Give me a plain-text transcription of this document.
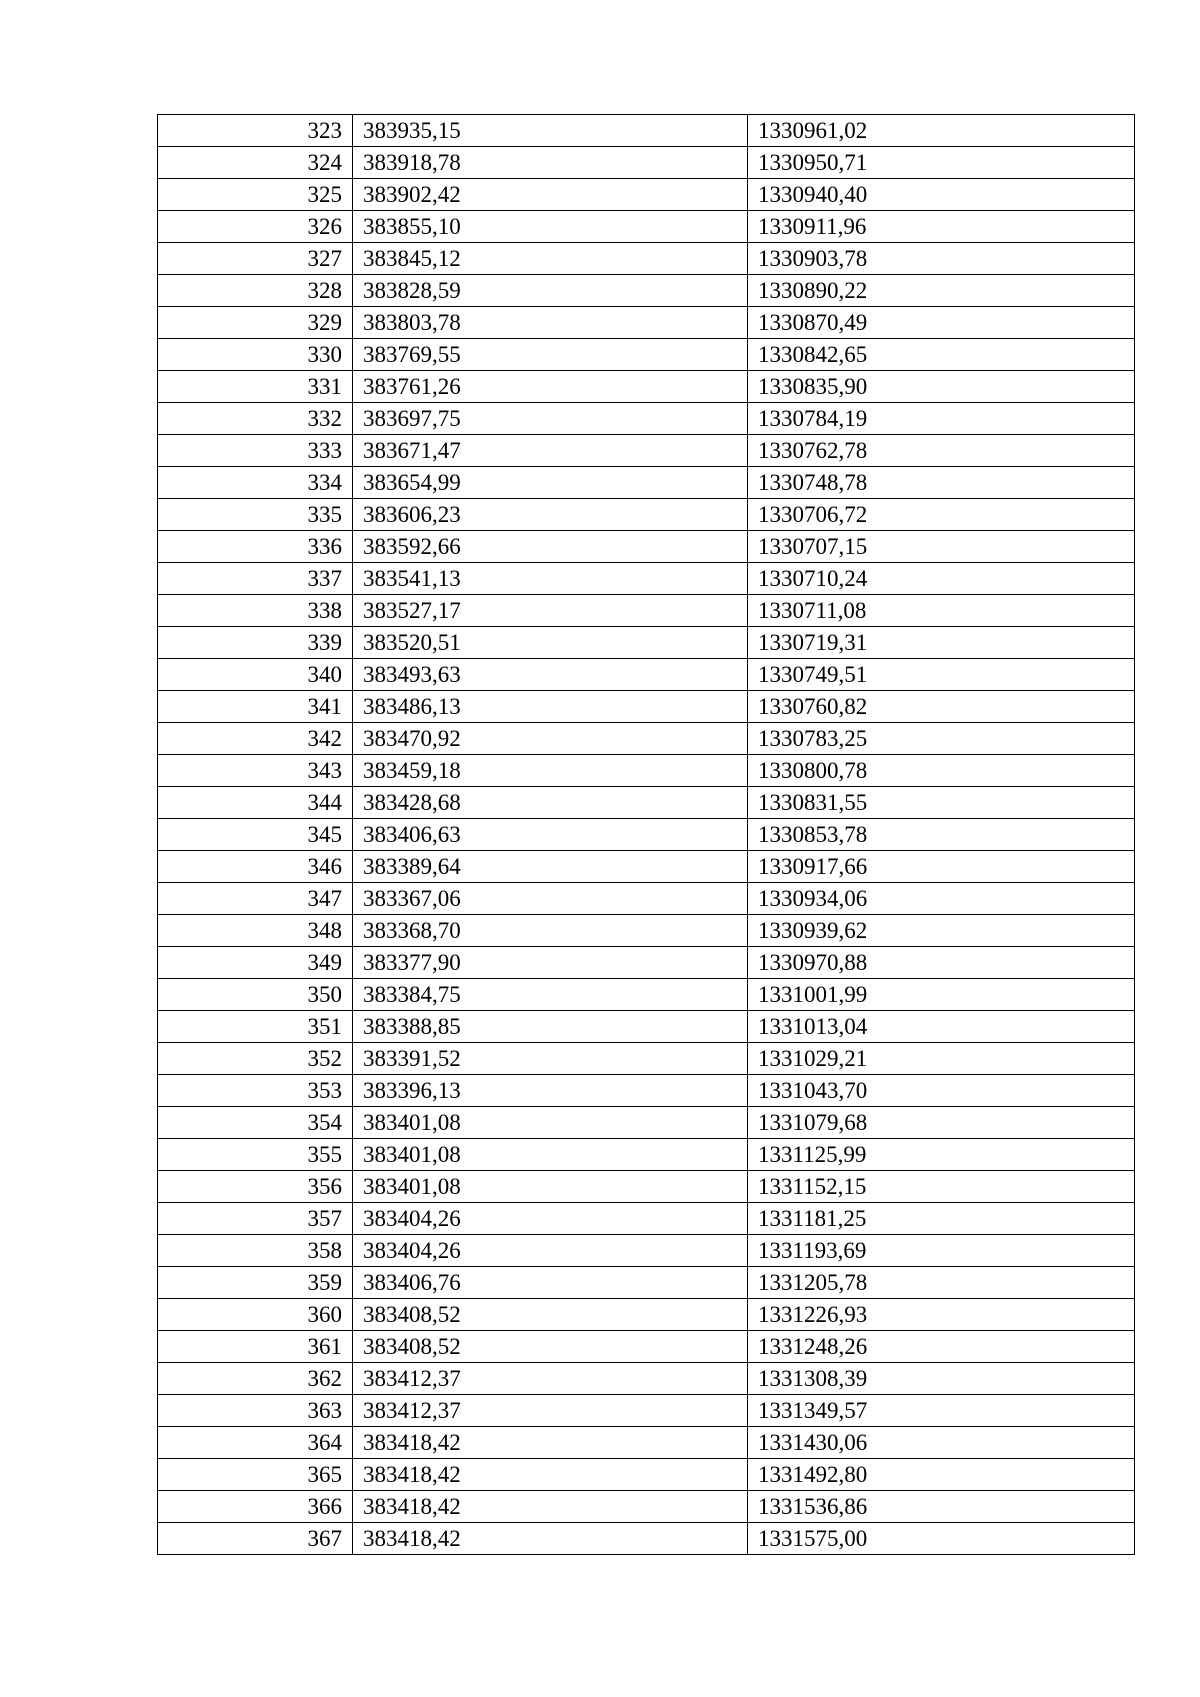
323	383935,15	1330961,02
324	383918,78	1330950,71
325	383902,42	1330940,40
326	383855,10	1330911,96
327	383845,12	1330903,78
328	383828,59	1330890,22
329	383803,78	1330870,49
330	383769,55	1330842,65
331	383761,26	1330835,90
332	383697,75	1330784,19
333	383671,47	1330762,78
334	383654,99	1330748,78
335	383606,23	1330706,72
336	383592,66	1330707,15
337	383541,13	1330710,24
338	383527,17	1330711,08
339	383520,51	1330719,31
340	383493,63	1330749,51
341	383486,13	1330760,82
342	383470,92	1330783,25
343	383459,18	1330800,78
344	383428,68	1330831,55
345	383406,63	1330853,78
346	383389,64	1330917,66
347	383367,06	1330934,06
348	383368,70	1330939,62
349	383377,90	1330970,88
350	383384,75	1331001,99
351	383388,85	1331013,04
352	383391,52	1331029,21
353	383396,13	1331043,70
354	383401,08	1331079,68
355	383401,08	1331125,99
356	383401,08	1331152,15
357	383404,26	1331181,25
358	383404,26	1331193,69
359	383406,76	1331205,78
360	383408,52	1331226,93
361	383408,52	1331248,26
362	383412,37	1331308,39
363	383412,37	1331349,57
364	383418,42	1331430,06
365	383418,42	1331492,80
366	383418,42	1331536,86
367	383418,42	1331575,00
